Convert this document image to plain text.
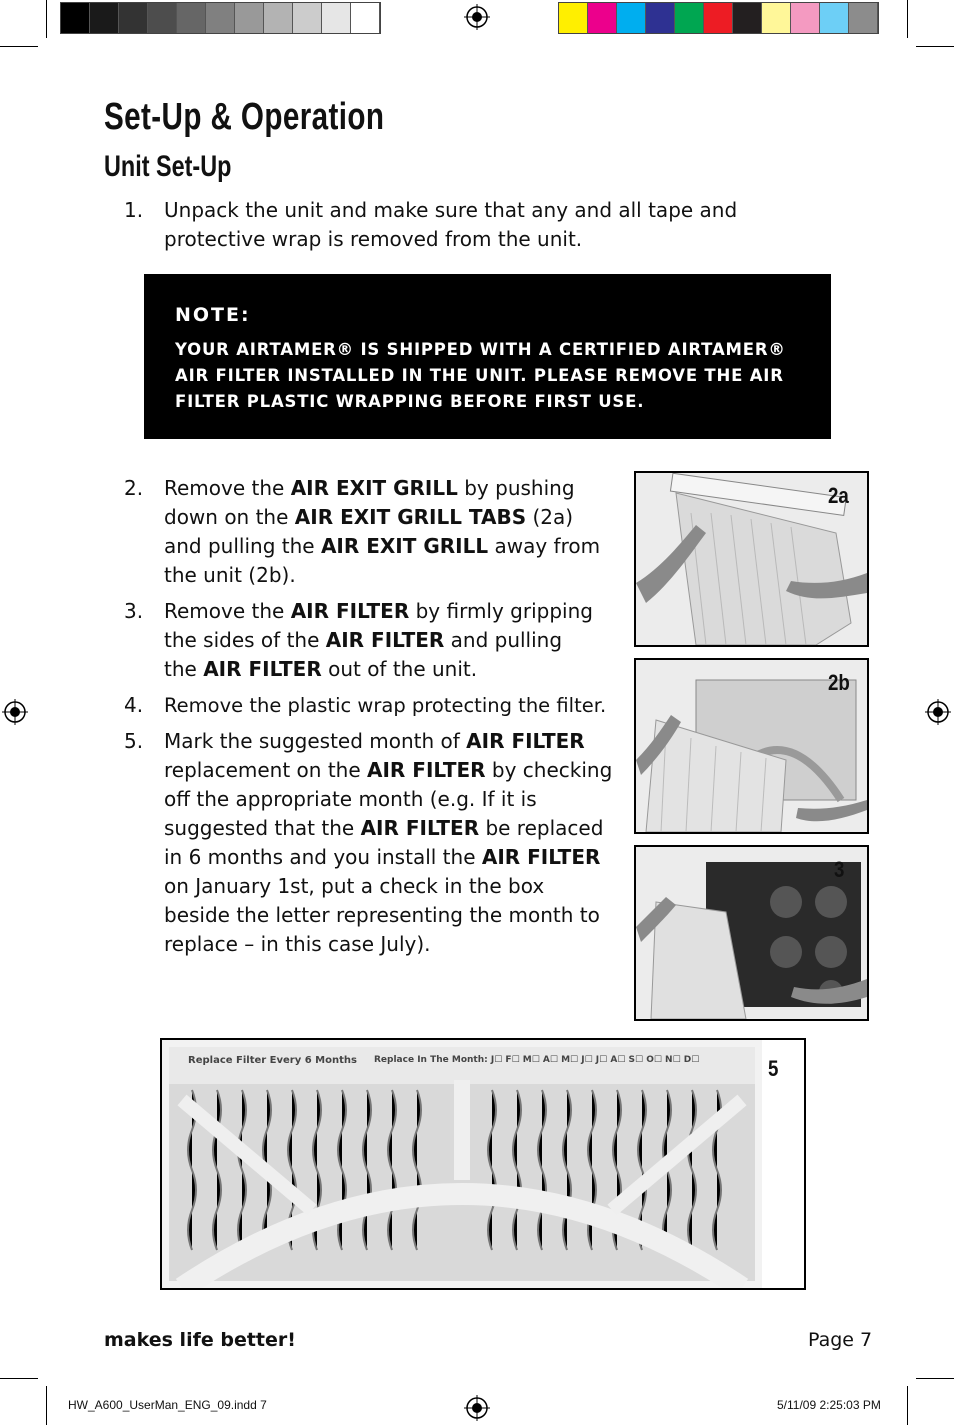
Set-Up & Operation
Unit Set-Up
1.	Unpack the unit and make sure that any and all tape and protective wrap is removed from the unit.
NOTE:
YOUR AIRTAMER® IS SHIPPED WITH A CERTIFIED AIRTAMER® AIR FILTER INSTALLED IN THE UNIT. PLEASE REMOVE THE AIR FILTER PLASTIC WRAPPING BEFORE FIRST USE.
2.	Remove the AIR EXIT GRILL by pushing down on the AIR EXIT GRILL TABS (2a) and pulling the AIR EXIT GRILL away from the unit (2b).
3.	Remove the AIR FILTER by firmly gripping the sides of the AIR FILTER and pulling the AIR FILTER out of the unit.
4.	Remove the plastic wrap protecting the filter.
5.	Mark the suggested month of AIR FILTER replacement on the AIR FILTER by checking off the appropriate month (e.g. If it is suggested that the AIR FILTER be replaced in 6 months and you install the AIR FILTER on January 1st, put a check in the box beside the letter representing the month to replace – in this case July).
2a
2b
3
Replace Filter Every 6 Months Replace In The Month: J☐ F☐ M☐ A☐ M☐ J☐ J☐ A☐ S☐ O☐ N☐ D☐	5
makes life better!	Page 7
HW_A600_UserMan_ENG_09.indd 7	5/11/09 2:25:03 PM
